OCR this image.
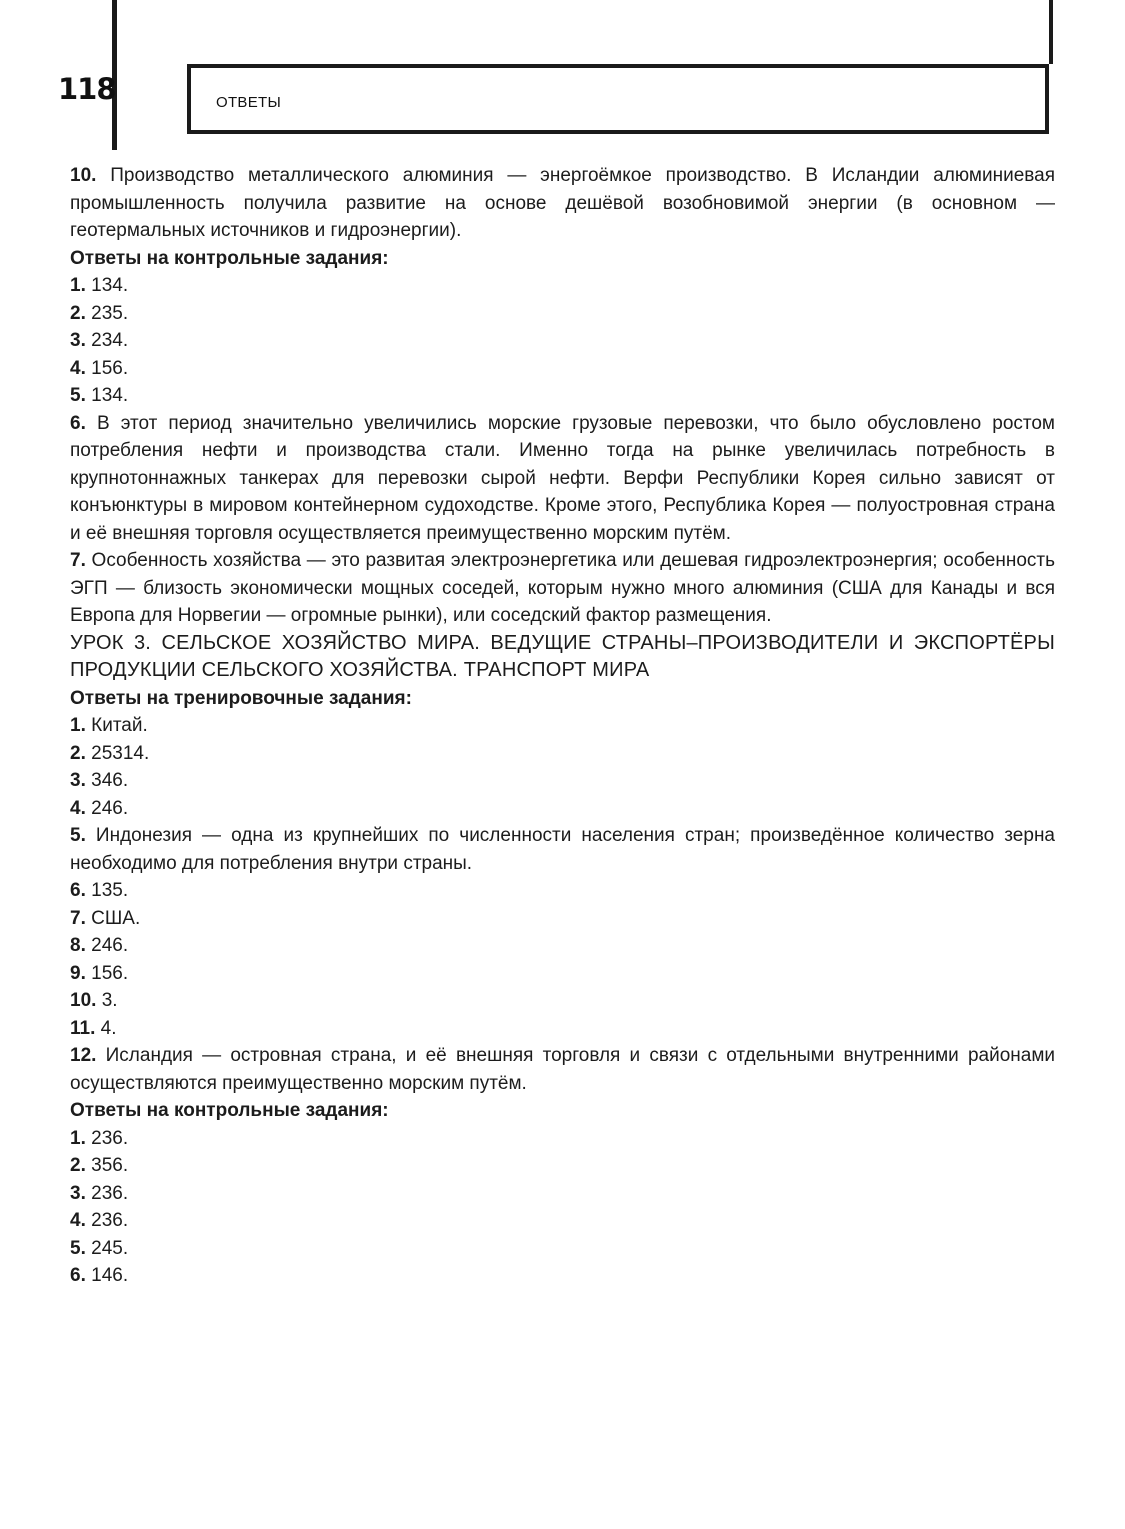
118	ОТВЕТЫ

10. Производство металлического алюминия — энергоёмкое производство. В Исландии алюминиевая промышленность получила развитие на основе дешёвой возобновимой энергии (в основном — геотермальных источников и гидроэнергии).

Ответы на контрольные задания:

1. 134.

2. 235.

3. 234.

4. 156.

5. 134.

6. В этот период значительно увеличились морские грузовые перевозки, что было обусловлено ростом потребления нефти и производства стали. Именно тогда на рынке увеличилась потребность в крупнотоннажных танкерах для перевозки сырой нефти. Верфи Республики Корея сильно зависят от конъюнктуры в мировом контейнерном судоходстве. Кроме этого, Республика Корея — полуостровная страна и её внешняя торговля осуществляется преимущественно морским путём.

7. Особенность хозяйства — это развитая электроэнергетика или дешевая гидроэлектроэнергия; особенность ЭГП — близость экономически мощных соседей, которым нужно много алюминия (США для Канады и вся Европа для Норвегии — огромные рынки), или соседский фактор размещения.

УРОК 3. СЕЛЬСКОЕ ХОЗЯЙСТВО МИРА. ВЕДУЩИЕ СТРАНЫ–ПРОИЗВОДИТЕЛИ И ЭКСПОРТЁРЫ ПРОДУКЦИИ СЕЛЬСКОГО ХОЗЯЙСТВА. ТРАНСПОРТ МИРА

Ответы на тренировочные задания:

1. Китай.

2. 25314.

3. 346.

4. 246.

5. Индонезия — одна из крупнейших по численности населения стран; произведённое количество зерна необходимо для потребления внутри страны.

6. 135.

7. США.

8. 246.

9. 156.

10. 3.

11. 4.

12. Исландия — островная страна, и её внешняя торговля и связи с отдельными внутренними районами осуществляются преимущественно морским путём.

Ответы на контрольные задания:

1. 236.

2. 356.

3. 236.

4. 236.

5. 245.

6. 146.
